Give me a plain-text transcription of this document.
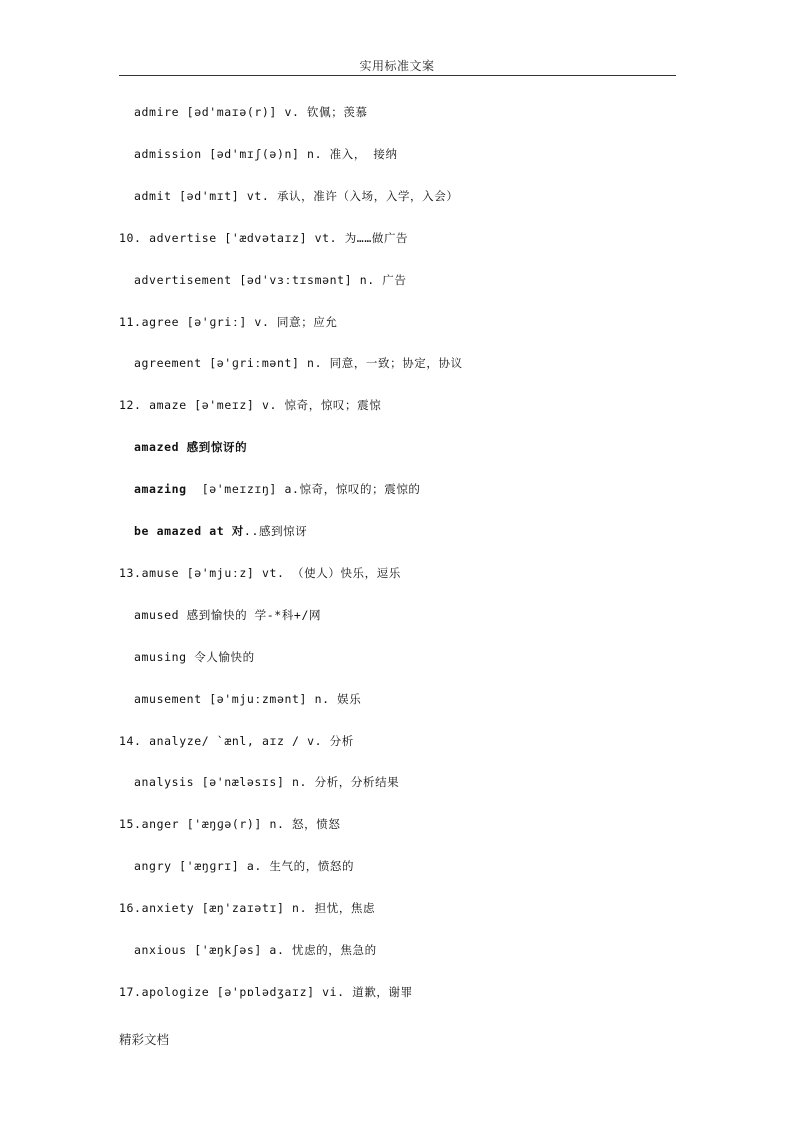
实用标准文案
admire [əd'maɪə(r)] v. 钦佩；羡慕
admission [əd'mɪʃ(ə)n] n. 准入， 接纳
admit [əd'mɪt] vt. 承认，准许（入场，入学，入会）
10. advertise ['ædvətaɪz] vt. 为……做广告
advertisement [əd'vɜːtɪsmənt] n. 广告
11.agree [ə'ɡriː] v. 同意；应允
agreement [ə'ɡriːmənt] n. 同意，一致；协定，协议
12. amaze [ə'meɪz] v. 惊奇，惊叹；震惊
amazed 感到惊讶的
amazing  [ə'meɪzɪŋ] a.惊奇，惊叹的；震惊的
be amazed at 对..感到惊讶
13.amuse [ə'mjuːz] vt. （使人）快乐，逗乐
amused 感到愉快的 学-*科+/网
amusing 令人愉快的
amusement [ə'mjuːzmənt] n. 娱乐
14. analyze/ `ænl, aɪz / v. 分析
analysis [ə'næləsɪs] n. 分析，分析结果
15.anger ['æŋɡə(r)] n. 怒，愤怒
angry ['æŋɡrɪ] a. 生气的，愤怒的
16.anxiety [æŋ'zaɪətɪ] n. 担忧，焦虑
anxious ['æŋkʃəs] a. 忧虑的，焦急的
17.apologize [ə'pɒlədʒaɪz] vi. 道歉，谢罪
精彩文档
